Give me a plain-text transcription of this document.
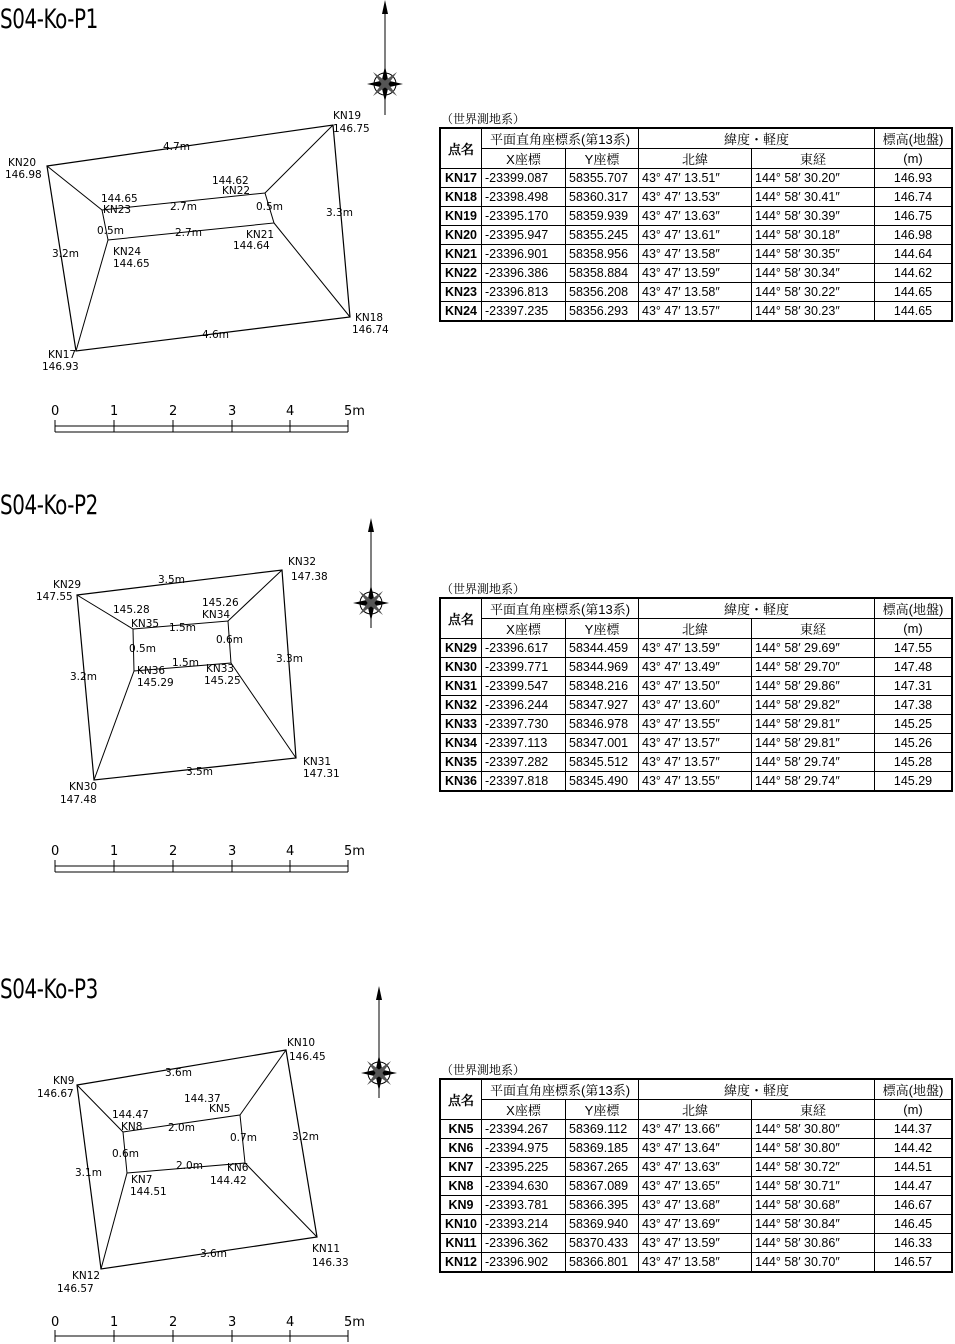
S04-Ko-P1
KN20
146.98
KN19
146.75
KN18
146.74
KN17
146.93
144.65
KN23
144.62
KN22
KN21
144.64
KN24
144.65
4.7m
3.3m
4.6m
3.2m
2.7m
2.7m
0.5m
0.5m
0	1	2	3	4	5m
（世界測地系）
点名	平面直角座標系(第13系)		緯度・軽度		標高(地盤)
	X座標	Y座標	北緯	東経	(m)
KN17	-23399.087	58355.707	43° 47′ 13.51″	144° 58′ 30.20″	146.93
KN18	-23398.498	58360.317	43° 47′ 13.53″	144° 58′ 30.41″	146.74
KN19	-23395.170	58359.939	43° 47′ 13.63″	144° 58′ 30.39″	146.75
KN20	-23395.947	58355.245	43° 47′ 13.61″	144° 58′ 30.18″	146.98
KN21	-23396.901	58358.956	43° 47′ 13.58″	144° 58′ 30.35″	144.64
KN22	-23396.386	58358.884	43° 47′ 13.59″	144° 58′ 30.34″	144.62
KN23	-23396.813	58356.208	43° 47′ 13.58″	144° 58′ 30.22″	144.65
KN24	-23397.235	58356.293	43° 47′ 13.57″	144° 58′ 30.23″	144.65
S04-Ko-P2
KN29
147.55
KN32
147.38
KN31
147.31
KN30
147.48
145.28
KN35
145.26
KN34
KN33
145.25
KN36
145.29
3.5m
3.3m
3.5m
3.2m
1.5m
1.5m
0.5m
0.6m
0	1	2	3	4	5m
（世界測地系）
点名	平面直角座標系(第13系)		緯度・軽度		標高(地盤)
	X座標	Y座標	北緯	東経	(m)
KN29	-23396.617	58344.459	43° 47′ 13.59″	144° 58′ 29.69″	147.55
KN30	-23399.771	58344.969	43° 47′ 13.49″	144° 58′ 29.70″	147.48
KN31	-23399.547	58348.216	43° 47′ 13.50″	144° 58′ 29.86″	147.31
KN32	-23396.244	58347.927	43° 47′ 13.60″	144° 58′ 29.82″	147.38
KN33	-23397.730	58346.978	43° 47′ 13.55″	144° 58′ 29.81″	145.25
KN34	-23397.113	58347.001	43° 47′ 13.57″	144° 58′ 29.81″	145.26
KN35	-23397.282	58345.512	43° 47′ 13.57″	144° 58′ 29.74″	145.28
KN36	-23397.818	58345.490	43° 47′ 13.55″	144° 58′ 29.74″	145.29
S04-Ko-P3
KN9
146.67
KN10
146.45
KN11
146.33
KN12
146.57
144.47
KN8
144.37
KN5
KN6
144.42
KN7
144.51
3.6m
3.2m
3.6m
3.1m
2.0m
2.0m
0.6m
0.7m
0	1	2	3	4	5m
（世界測地系）
点名	平面直角座標系(第13系)		緯度・軽度		標高(地盤)
	X座標	Y座標	北緯	東経	(m)
KN5	-23394.267	58369.112	43° 47′ 13.66″	144° 58′ 30.80″	144.37
KN6	-23394.975	58369.185	43° 47′ 13.64″	144° 58′ 30.80″	144.42
KN7	-23395.225	58367.265	43° 47′ 13.63″	144° 58′ 30.72″	144.51
KN8	-23394.630	58367.089	43° 47′ 13.65″	144° 58′ 30.71″	144.47
KN9	-23393.781	58366.395	43° 47′ 13.68″	144° 58′ 30.68″	146.67
KN10	-23393.214	58369.940	43° 47′ 13.69″	144° 58′ 30.84″	146.45
KN11	-23396.362	58370.433	43° 47′ 13.59″	144° 58′ 30.86″	146.33
KN12	-23396.902	58366.801	43° 47′ 13.58″	144° 58′ 30.70″	146.57
